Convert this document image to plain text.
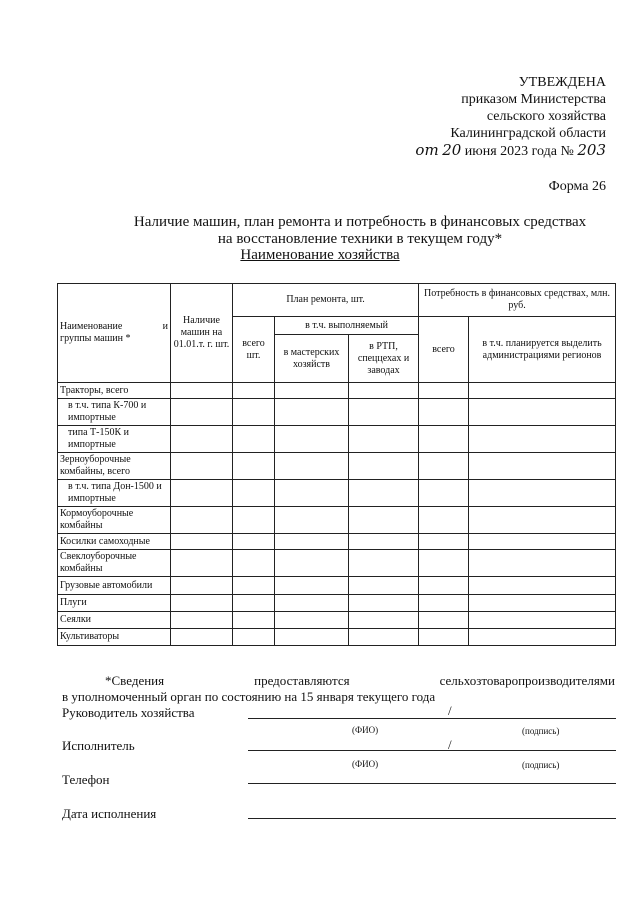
УТВЕЖДЕНА
приказом Министерства
сельского хозяйства
Калининградской области
от 20 июня 2023 года № 203
Форма 26
Наличие машин, план ремонта и потребность в финансовых средствах
на восстановление техники в текущем году*
Наименование хозяйства
Наименование и
группы машин *	Наличие машин на 01.01.т. г. шт.	План ремонта, шт.			Потребность в финансовых средствах, млн. руб.	
		всего шт.	в т.ч. выполняемый		всего	в т.ч. планируется выделить администрациями регионов
			в мастерских хозяйств	в РТП, спеццехах и заводах		
Тракторы, всего						
в т.ч. типа К-700 и импортные						
типа Т-150К и импортные						
Зерноуборочные комбайны, всего						
в т.ч. типа Дон-1500 и импортные						
Кормоуборочные комбайны						
Косилки самоходные						
Свеклоуборочные комбайны						
Грузовые автомобили						
Плуги						
Сеялки						
Культиваторы						
*Сведения	предоставляются	сельхозтоваропроизводителями
в уполномоченный орган по состоянию на 15 января текущего года
Руководитель хозяйства	/
(ФИО)	(подпись)
Исполнитель	/
(ФИО)	(подпись)
Телефон
Дата исполнения
